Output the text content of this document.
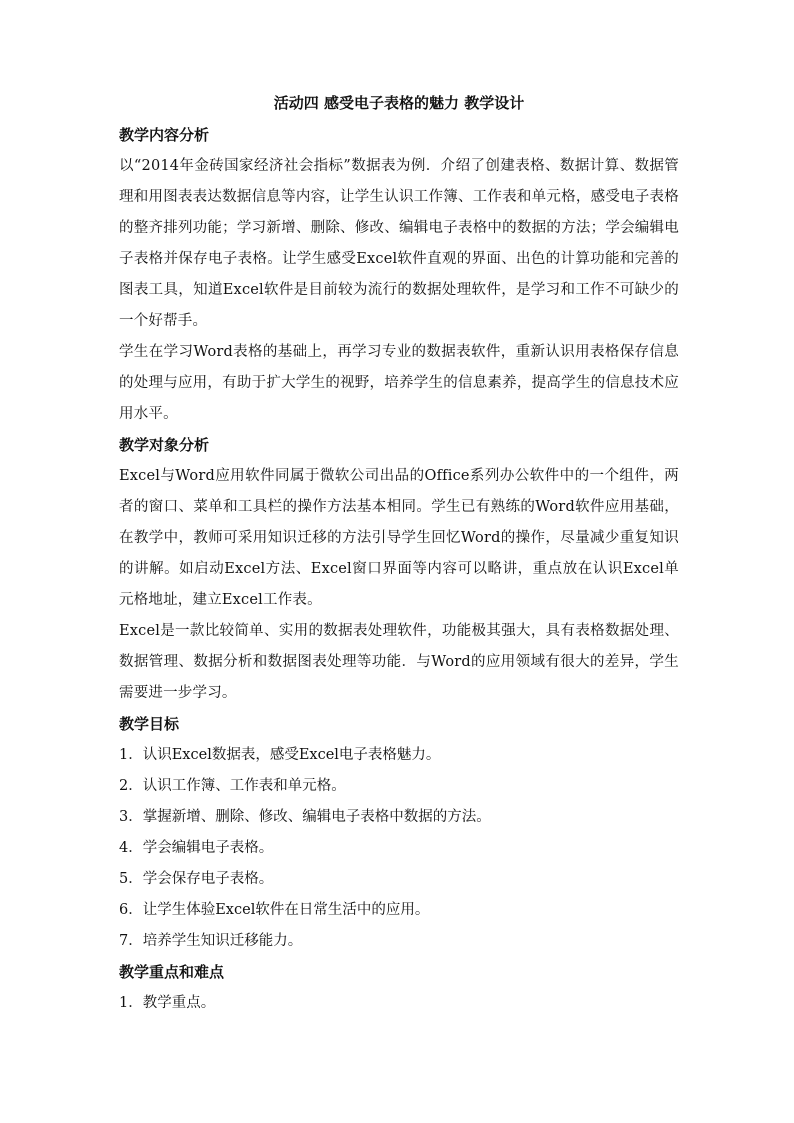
活动四 感受电子表格的魅力 教学设计
教学内容分析

以“2014年金砖国家经济社会指标”数据表为例．介绍了创建表格、数据计算、数据管理和用图表表达数据信息等内容，让学生认识工作簿、工作表和单元格，感受电子表格的整齐排列功能；学习新增、删除、修改、编辑电子表格中的数据的方法；学会编辑电子表格并保存电子表格。让学生感受Excel软件直观的界面、出色的计算功能和完善的图表工具，知道Excel软件是目前较为流行的数据处理软件，是学习和工作不可缺少的一个好帮手。

学生在学习Word表格的基础上，再学习专业的数据表软件，重新认识用表格保存信息的处理与应用，有助于扩大学生的视野，培养学生的信息素养，提高学生的信息技术应用水平。

教学对象分析

Excel与Word应用软件同属于微软公司出品的Office系列办公软件中的一个组件，两者的窗口、菜单和工具栏的操作方法基本相同。学生已有熟练的Word软件应用基础，在教学中，教师可采用知识迁移的方法引导学生回忆Word的操作，尽量减少重复知识的讲解。如启动Excel方法、Excel窗口界面等内容可以略讲，重点放在认识Excel单元格地址，建立Excel工作表。

Excel是一款比较简单、实用的数据表处理软件，功能极其强大，具有表格数据处理、数据管理、数据分析和数据图表处理等功能．与Word的应用领域有很大的差异，学生需要进一步学习。

教学目标
1．认识Excel数据表，感受Excel电子表格魅力。
2．认识工作簿、工作表和单元格。
3．掌握新增、删除、修改、编辑电子表格中数据的方法。
4．学会编辑电子表格。
5．学会保存电子表格。
6．让学生体验Excel软件在日常生活中的应用。
7．培养学生知识迁移能力。
教学重点和难点
1．教学重点。
